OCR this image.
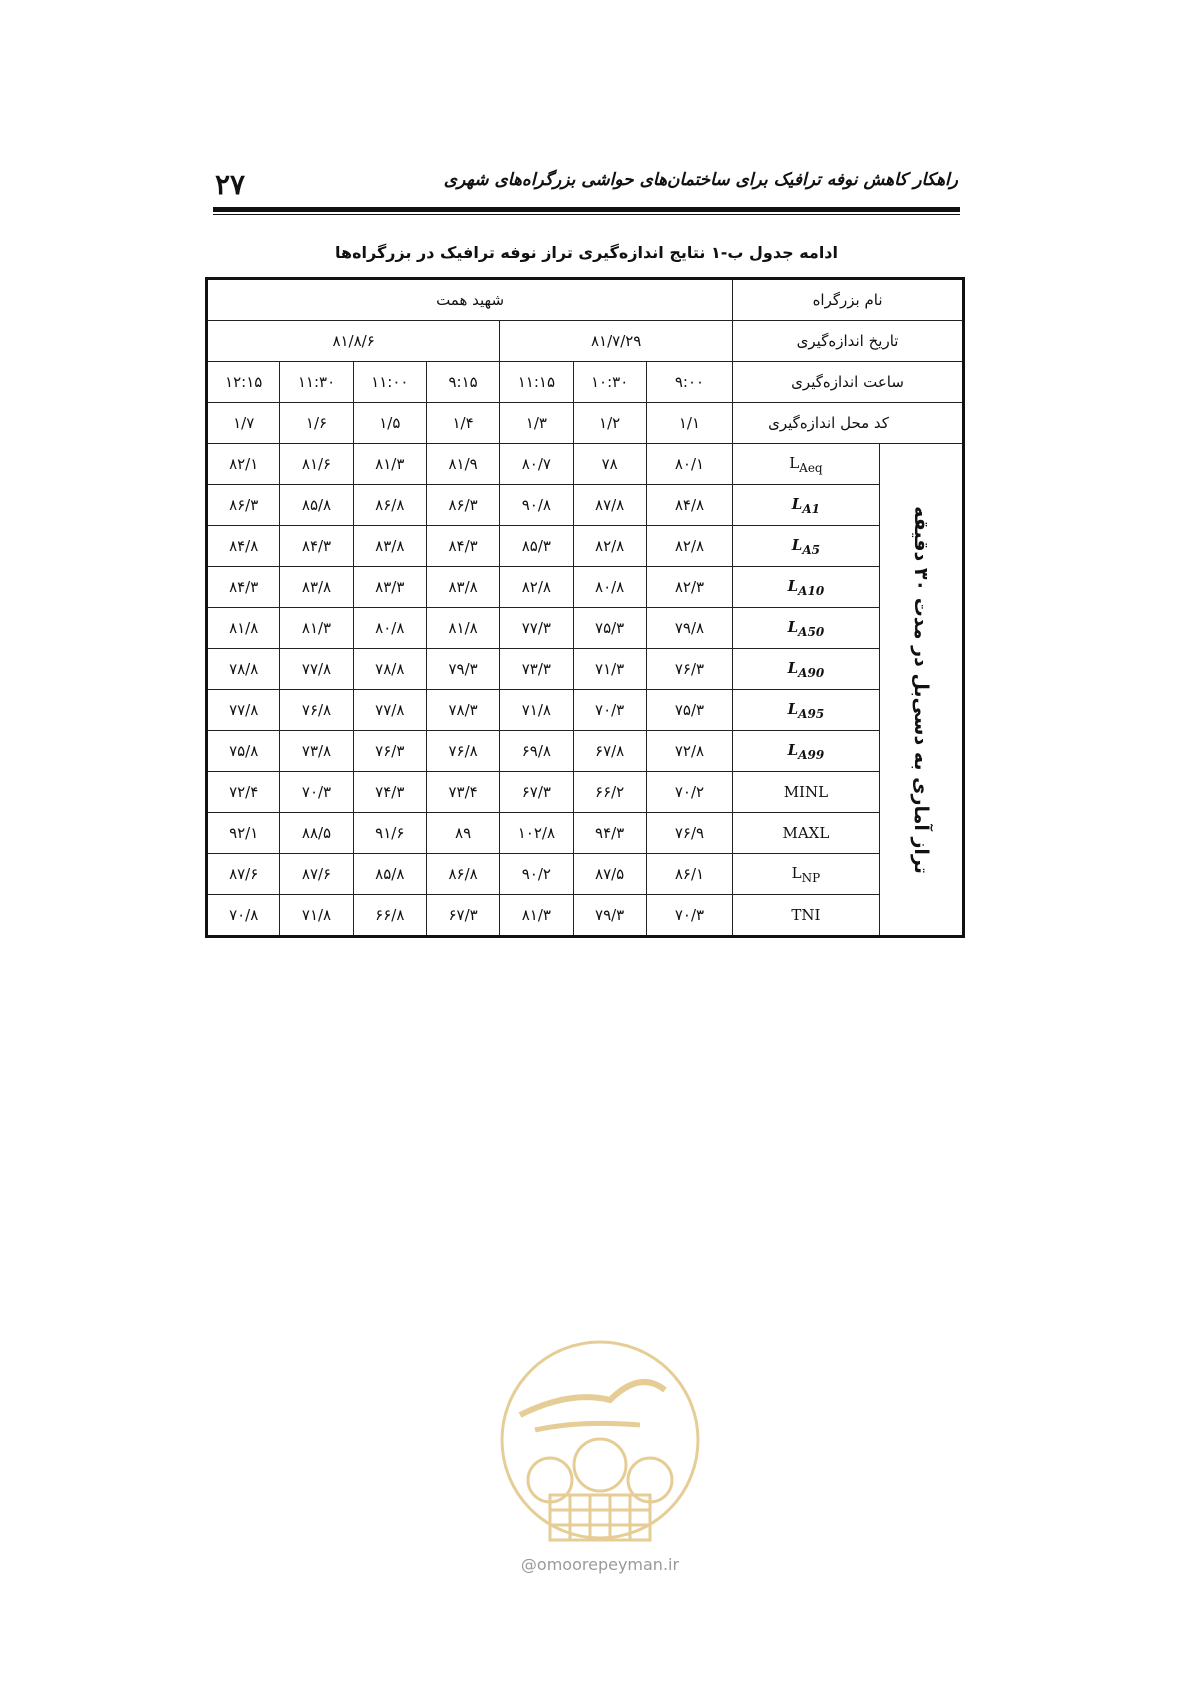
۲۷	راهکار کاهش نوفه ترافیک برای ساختمان‌های حواشی بزرگراه‌های شهری
ادامه جدول ب-۱ نتایج اندازه‌گیری تراز نوفه ترافیک در بزرگراه‌ها
نام بزرگراه		شهید همت						
تاریخ اندازه‌گیری		۸۱/۷/۲۹			۸۱/۸/۶			
ساعت اندازه‌گیری		۹:۰۰	۱۰:۳۰	۱۱:۱۵	۹:۱۵	۱۱:۰۰	۱۱:۳۰	۱۲:۱۵
کد محل اندازه‌گیری		۱/۱	۱/۲	۱/۳	۱/۴	۱/۵	۱/۶	۱/۷

تراز آماری به دسی‌بل در مدت ۳۰ دقیقه	$L_{Aeq}$	۸۰/۱	۷۸	۸۰/۷	۸۱/۹	۸۱/۳	۸۱/۶	۸۲/۱
	$L_{A1}$	۸۴/۸	۸۷/۸	۹۰/۸	۸۶/۳	۸۶/۸	۸۵/۸	۸۶/۳
	$L_{A5}$	۸۲/۸	۸۲/۸	۸۵/۳	۸۴/۳	۸۳/۸	۸۴/۳	۸۴/۸
	$L_{A10}$	۸۲/۳	۸۰/۸	۸۲/۸	۸۳/۸	۸۳/۳	۸۳/۸	۸۴/۳
	$L_{A50}$	۷۹/۸	۷۵/۳	۷۷/۳	۸۱/۸	۸۰/۸	۸۱/۳	۸۱/۸
	$L_{A90}$	۷۶/۳	۷۱/۳	۷۳/۳	۷۹/۳	۷۸/۸	۷۷/۸	۷۸/۸
	$L_{A95}$	۷۵/۳	۷۰/۳	۷۱/۸	۷۸/۳	۷۷/۸	۷۶/۸	۷۷/۸
	$L_{A99}$	۷۲/۸	۶۷/۸	۶۹/۸	۷۶/۸	۷۶/۳	۷۳/۸	۷۵/۸
	MINL	۷۰/۲	۶۶/۲	۶۷/۳	۷۳/۴	۷۴/۳	۷۰/۳	۷۲/۴
	MAXL	۷۶/۹	۹۴/۳	۱۰۲/۸	۸۹	۹۱/۶	۸۸/۵	۹۲/۱
	$L_{NP}$	۸۶/۱	۸۷/۵	۹۰/۲	۸۶/۸	۸۵/۸	۸۷/۶	۸۷/۶
	TNI	۷۰/۳	۷۹/۳	۸۱/۳	۶۷/۳	۶۶/۸	۷۱/۸	۷۰/۸
@omoorepeyman.ir
